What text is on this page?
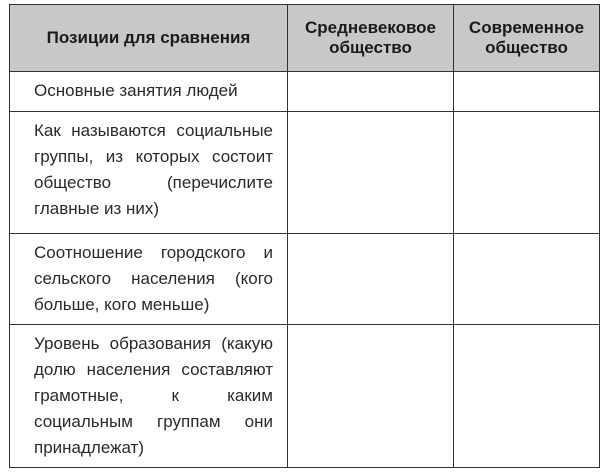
Позиции для сравнения	Средневековое общество	Современное общество
Основные занятия людей		
Как называются социальные группы, из которых состоит общество (перечислите главные из них)		
Соотношение городского и сельского населения (кого больше, кого меньше)		
Уровень образования (какую долю населения составляют грамотные, к каким социальным группам они принадлежат)		
